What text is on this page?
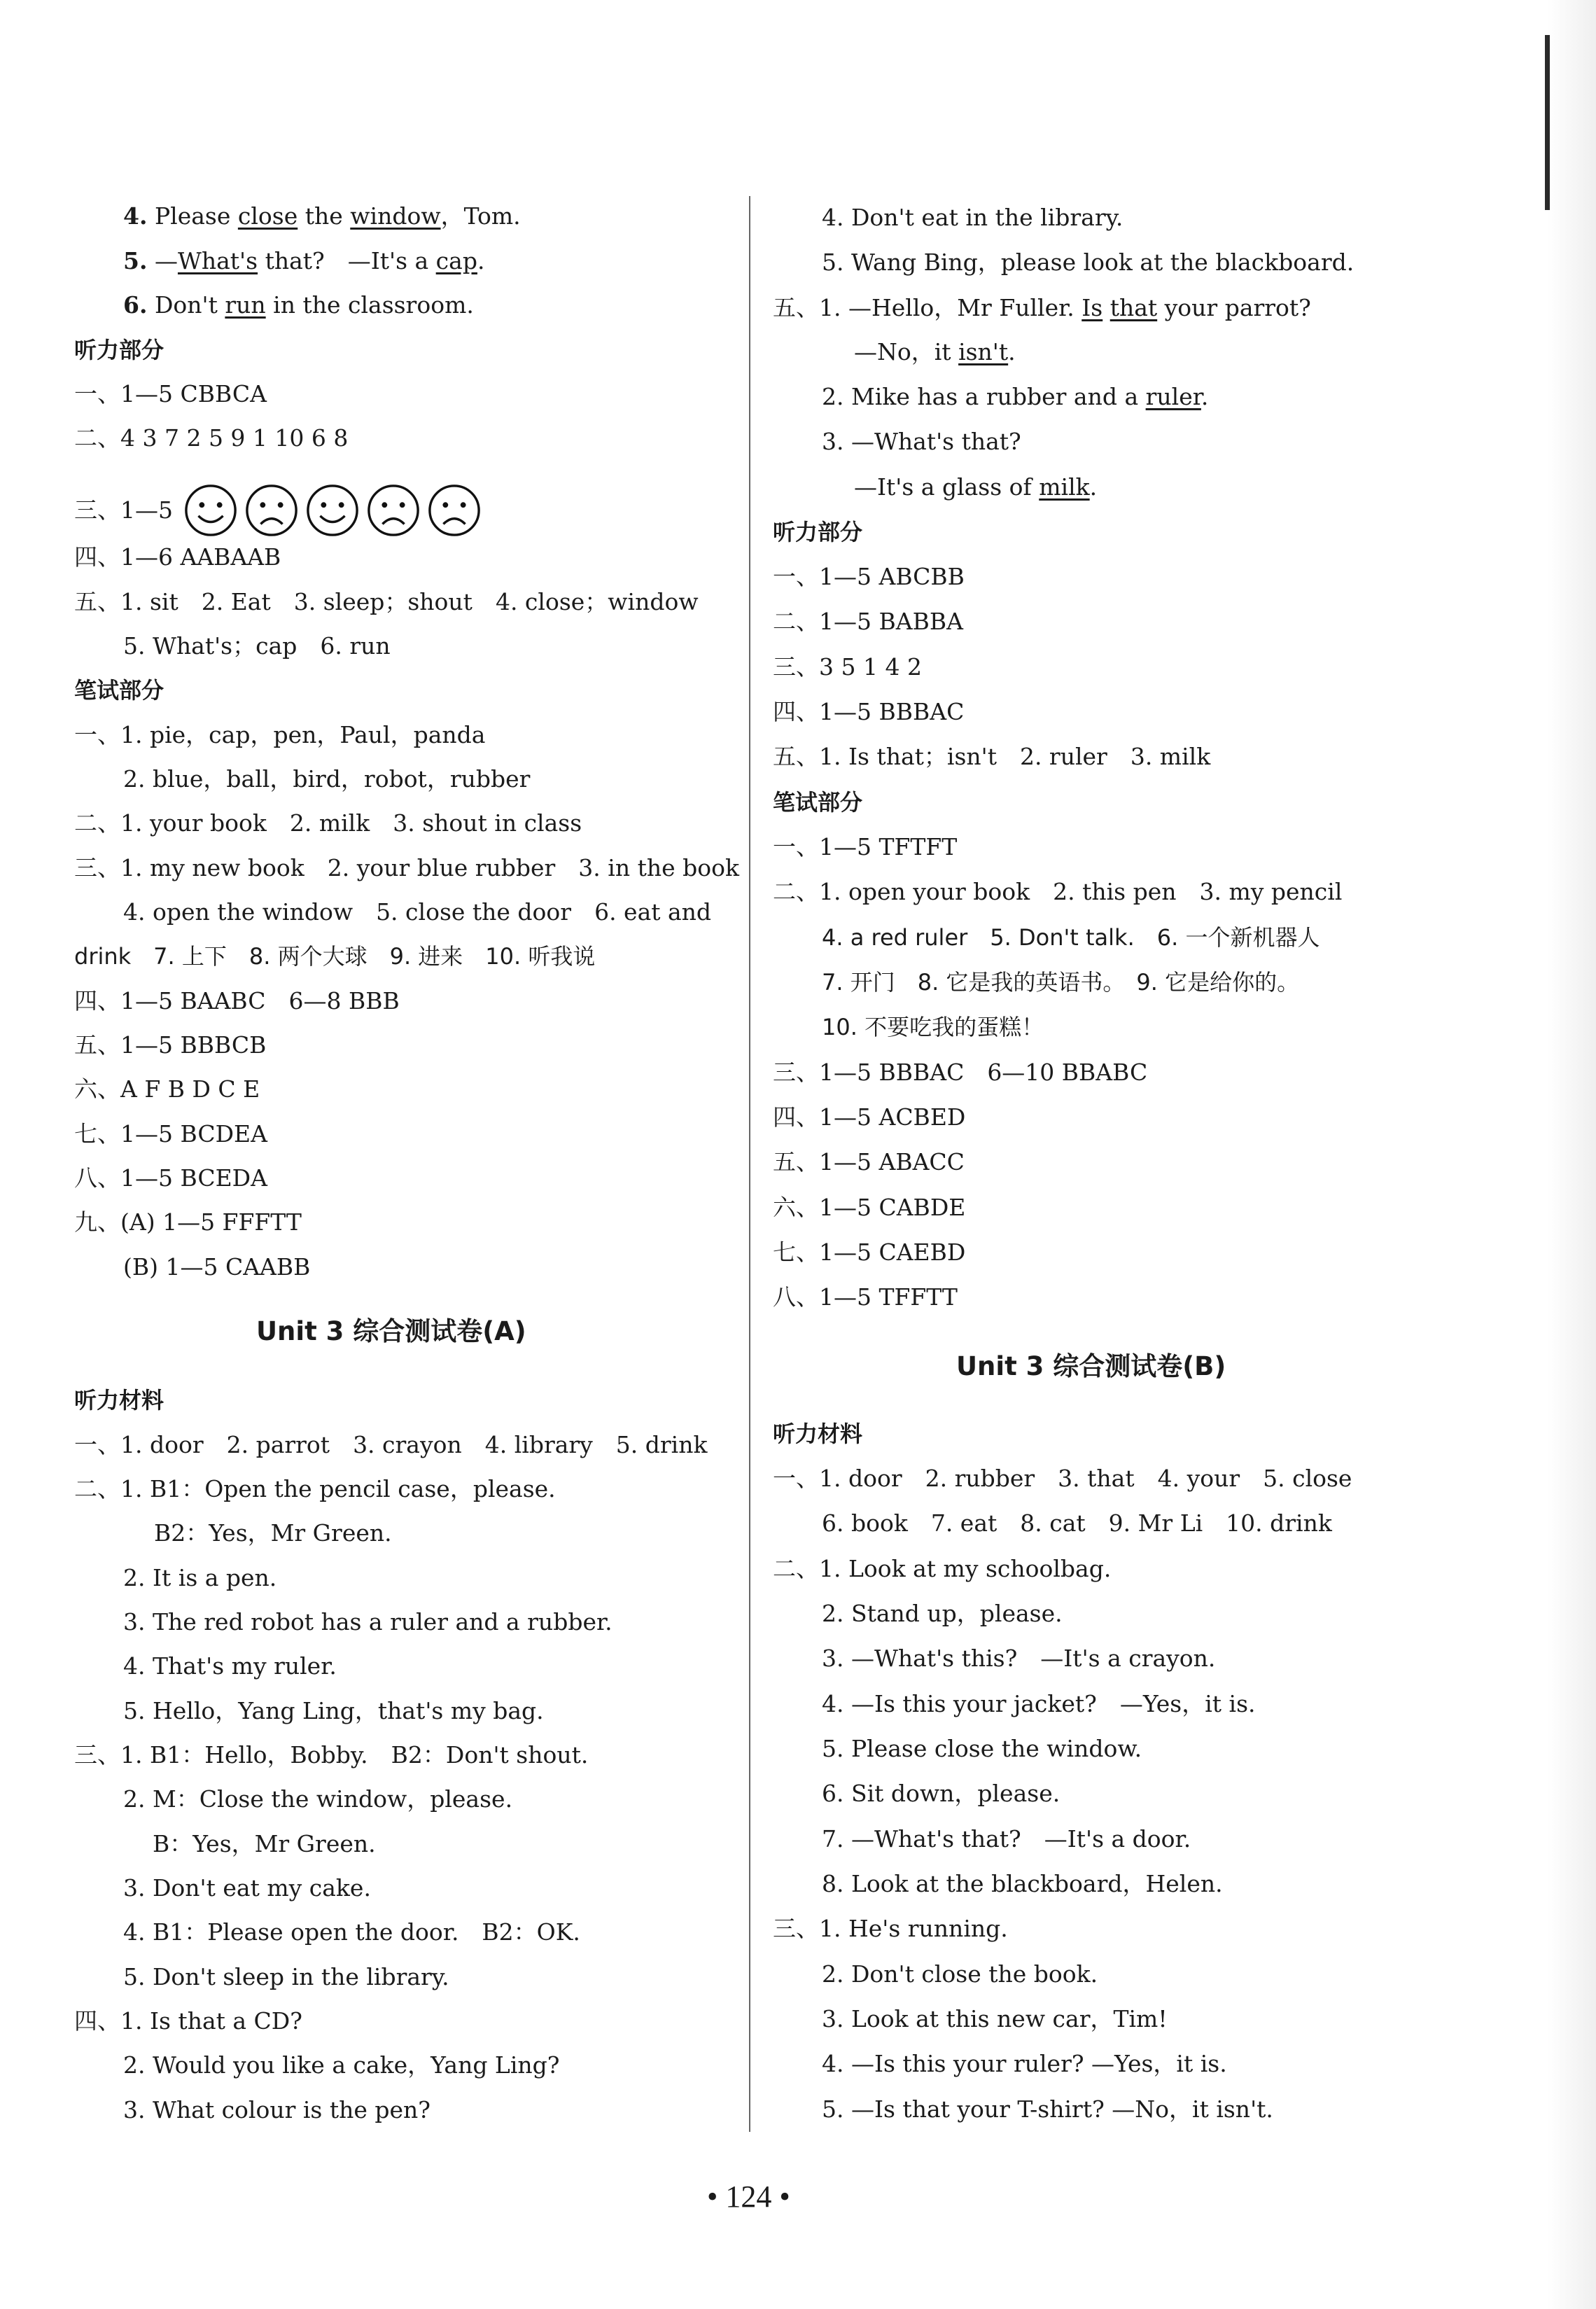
4. Please close the window，Tom.
5. —What's that?　—It's a cap.
6. Don't run in the classroom.
听力部分
一、1—5 CBBCA
二、4 3 7 2 5 9 1 10 6 8
三、1—5
四、1—6 AABAAB
五、1. sit　2. Eat　3. sleep；shout　4. close；window
5. What's；cap　6. run
笔试部分
一、1. pie，cap，pen，Paul，panda
2. blue，ball，bird，robot，rubber
二、1. your book　2. milk　3. shout in class
三、1. my new book　2. your blue rubber　3. in the book
4. open the window　5. close the door　6. eat and
drink　7. 上下　8. 两个大球　9. 进来　10. 听我说
四、1—5 BAABC　6—8 BBB
五、1—5 BBBCB
六、A F B D C E
七、1—5 BCDEA
八、1—5 BCEDA
九、(A) 1—5 FFFTT
(B) 1—5 CAABB
Unit 3 综合测试卷(A)
听力材料
一、1. door　2. parrot　3. crayon　4. library　5. drink
二、1. B1：Open the pencil case，please.
B2：Yes，Mr Green.
2. It is a pen.
3. The red robot has a ruler and a rubber.
4. That's my ruler.
5. Hello，Yang Ling，that's my bag.
三、1. B1：Hello，Bobby.　B2：Don't shout.
2. M：Close the window，please.
B：Yes，Mr Green.
3. Don't eat my cake.
4. B1：Please open the door.　B2：OK.
5. Don't sleep in the library.
四、1. Is that a CD?
2. Would you like a cake，Yang Ling?
3. What colour is the pen?
4. Don't eat in the library.
5. Wang Bing，please look at the blackboard.
五、1. —Hello，Mr Fuller. Is that your parrot?
—No，it isn't.
2. Mike has a rubber and a ruler.
3. —What's that?
—It's a glass of milk.
听力部分
一、1—5 ABCBB
二、1—5 BABBA
三、3 5 1 4 2
四、1—5 BBBAC
五、1. Is that；isn't　2. ruler　3. milk
笔试部分
一、1—5 TFTFT
二、1. open your book　2. this pen　3. my pencil
4. a red ruler　5. Don't talk.　6. 一个新机器人
7. 开门　8. 它是我的英语书。　9. 它是给你的。
10. 不要吃我的蛋糕！
三、1—5 BBBAC　6—10 BBABC
四、1—5 ACBED
五、1—5 ABACC
六、1—5 CABDE
七、1—5 CAEBD
八、1—5 TFFTT
Unit 3 综合测试卷(B)
听力材料
一、1. door　2. rubber　3. that　4. your　5. close
6. book　7. eat　8. cat　9. Mr Li　10. drink
二、1. Look at my schoolbag.
2. Stand up，please.
3. —What's this?　—It's a crayon.
4. —Is this your jacket?　—Yes，it is.
5. Please close the window.
6. Sit down，please.
7. —What's that?　—It's a door.
8. Look at the blackboard，Helen.
三、1. He's running.
2. Don't close the book.
3. Look at this new car，Tim!
4. —Is this your ruler? —Yes，it is.
5. —Is that your T-shirt? —No，it isn't.
• 124 •
